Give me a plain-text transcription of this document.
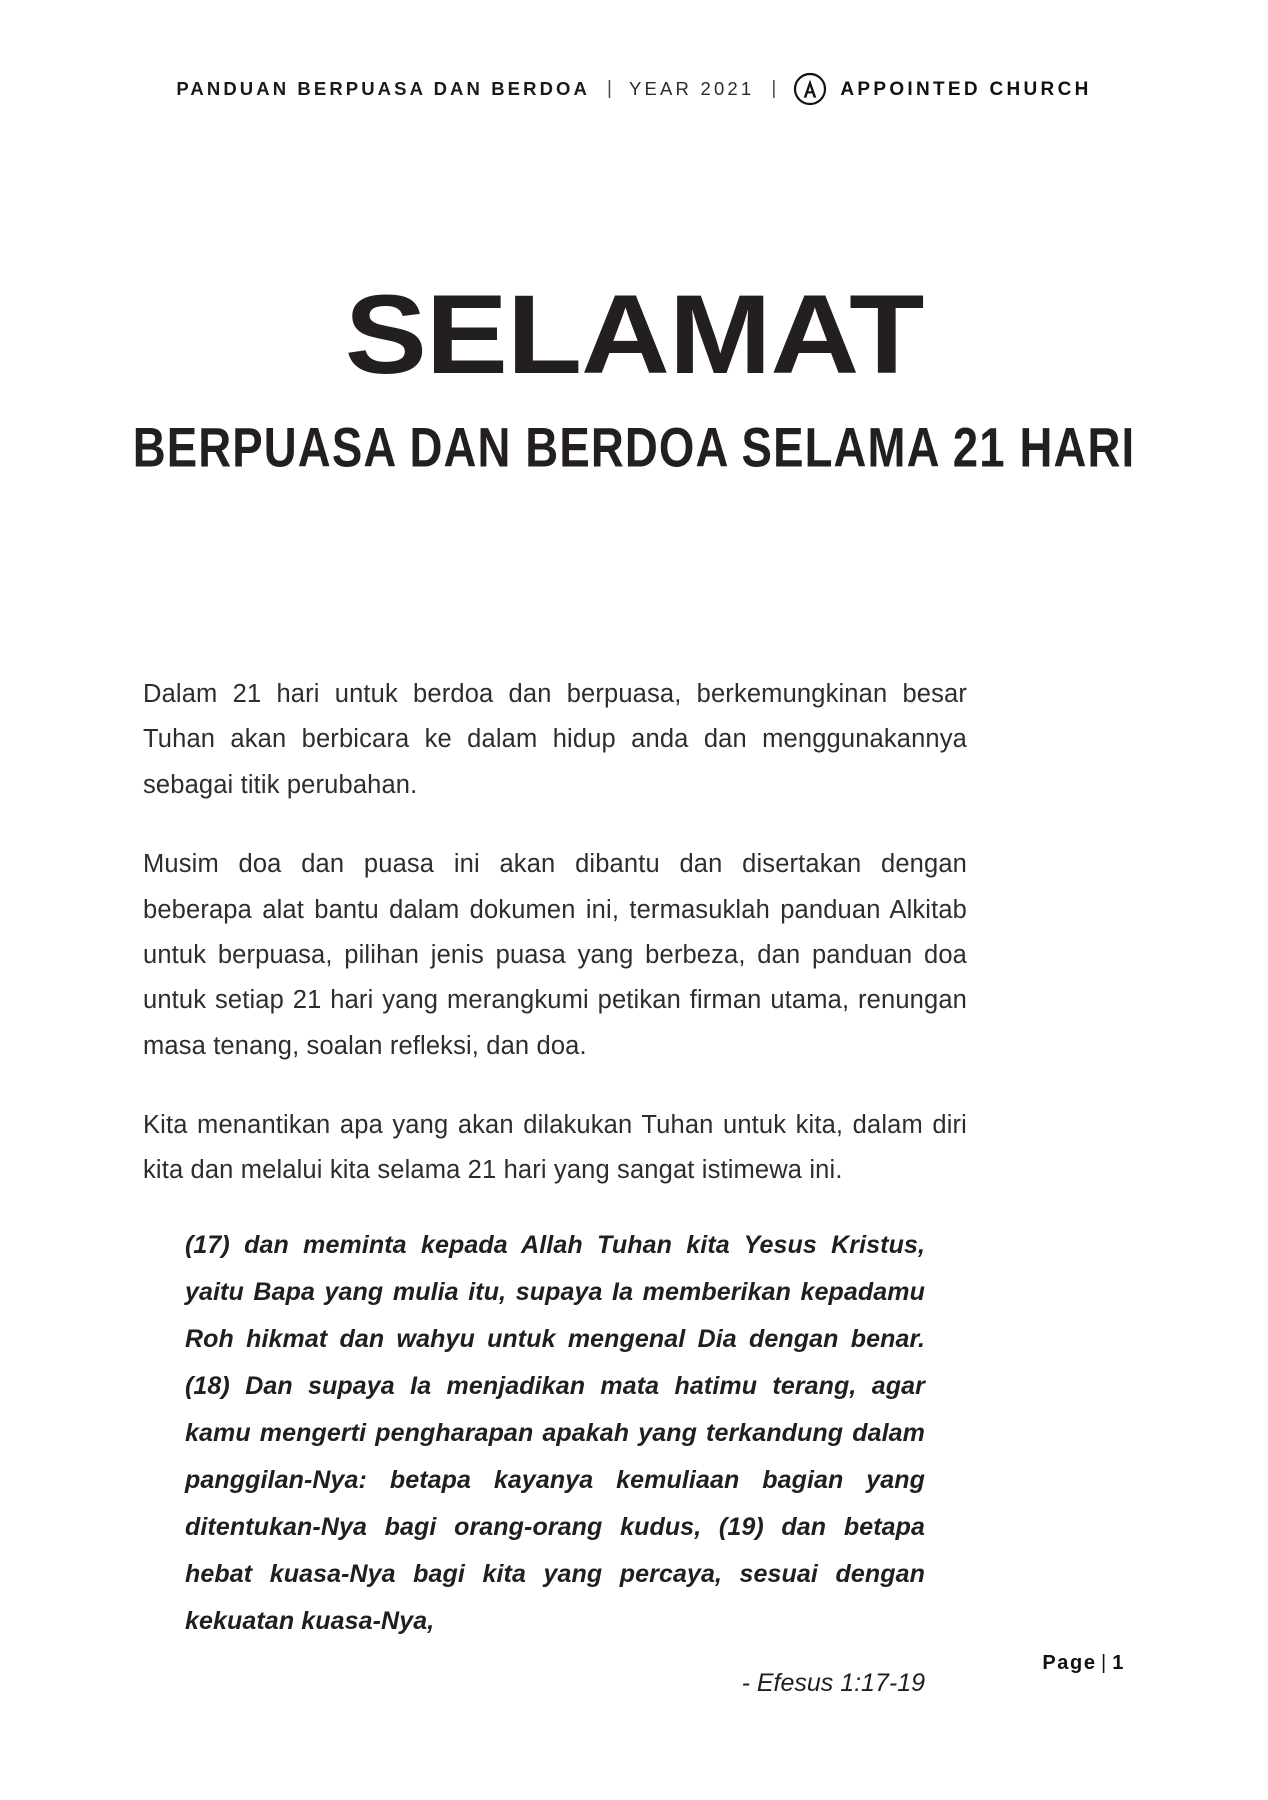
PANDUAN BERPUASA DAN BERDOA | YEAR 2021 |	APPOINTED CHURCH
SELAMAT
BERPUASA DAN BERDOA SELAMA 21 HARI

Dalam 21 hari untuk berdoa dan berpuasa, berkemungkinan besar Tuhan akan berbicara ke dalam hidup anda dan menggunakannya sebagai titik perubahan.

Musim doa dan puasa ini akan dibantu dan disertakan dengan beberapa alat bantu dalam dokumen ini, termasuklah panduan Alkitab untuk berpuasa, pilihan jenis puasa yang berbeza, dan panduan doa untuk setiap 21 hari yang merangkumi petikan firman utama, renungan masa tenang, soalan refleksi, dan doa.

Kita menantikan apa yang akan dilakukan Tuhan untuk kita, dalam diri kita dan melalui kita selama 21 hari yang sangat istimewa ini.

(17) dan meminta kepada Allah Tuhan kita Yesus Kristus, yaitu Bapa yang mulia itu, supaya Ia memberikan kepadamu Roh hikmat dan wahyu untuk mengenal Dia dengan benar. (18) Dan supaya Ia menjadikan mata hatimu terang, agar kamu mengerti pengharapan apakah yang terkandung dalam panggilan-Nya: betapa kayanya kemuliaan bagian yang ditentukan-Nya bagi orang-orang kudus, (19) dan betapa hebat kuasa-Nya bagi kita yang percaya, sesuai dengan kekuatan kuasa-Nya,

- Efesus 1:17-19

Page | 1
